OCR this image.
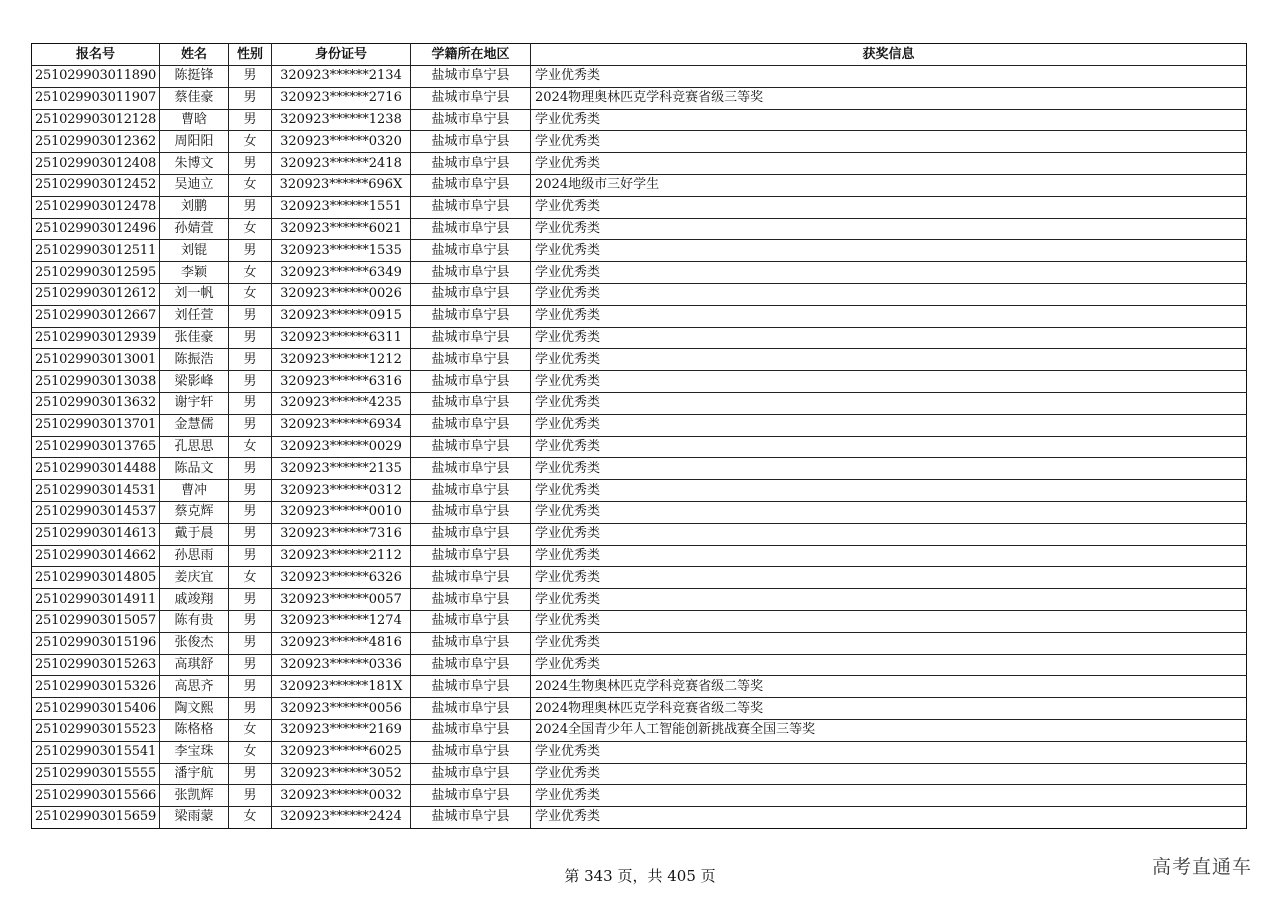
报名号	姓名	性别	身份证号	学籍所在地区	获奖信息
251029903011890	陈挺锋	男	320923******2134	盐城市阜宁县	学业优秀类
251029903011907	蔡佳豪	男	320923******2716	盐城市阜宁县	2024物理奥林匹克学科竞赛省级三等奖
251029903012128	曹晗	男	320923******1238	盐城市阜宁县	学业优秀类
251029903012362	周阳阳	女	320923******0320	盐城市阜宁县	学业优秀类
251029903012408	朱博文	男	320923******2418	盐城市阜宁县	学业优秀类
251029903012452	吴迪立	女	320923******696X	盐城市阜宁县	2024地级市三好学生
251029903012478	刘鹏	男	320923******1551	盐城市阜宁县	学业优秀类
251029903012496	孙婧萱	女	320923******6021	盐城市阜宁县	学业优秀类
251029903012511	刘锟	男	320923******1535	盐城市阜宁县	学业优秀类
251029903012595	李颖	女	320923******6349	盐城市阜宁县	学业优秀类
251029903012612	刘一帆	女	320923******0026	盐城市阜宁县	学业优秀类
251029903012667	刘任萱	男	320923******0915	盐城市阜宁县	学业优秀类
251029903012939	张佳豪	男	320923******6311	盐城市阜宁县	学业优秀类
251029903013001	陈振浩	男	320923******1212	盐城市阜宁县	学业优秀类
251029903013038	梁影峰	男	320923******6316	盐城市阜宁县	学业优秀类
251029903013632	谢宇轩	男	320923******4235	盐城市阜宁县	学业优秀类
251029903013701	金慧儒	男	320923******6934	盐城市阜宁县	学业优秀类
251029903013765	孔思思	女	320923******0029	盐城市阜宁县	学业优秀类
251029903014488	陈品文	男	320923******2135	盐城市阜宁县	学业优秀类
251029903014531	曹冲	男	320923******0312	盐城市阜宁县	学业优秀类
251029903014537	蔡克辉	男	320923******0010	盐城市阜宁县	学业优秀类
251029903014613	戴于晨	男	320923******7316	盐城市阜宁县	学业优秀类
251029903014662	孙思雨	男	320923******2112	盐城市阜宁县	学业优秀类
251029903014805	姜庆宜	女	320923******6326	盐城市阜宁县	学业优秀类
251029903014911	戚竣翔	男	320923******0057	盐城市阜宁县	学业优秀类
251029903015057	陈有贵	男	320923******1274	盐城市阜宁县	学业优秀类
251029903015196	张俊杰	男	320923******4816	盐城市阜宁县	学业优秀类
251029903015263	高琪舒	男	320923******0336	盐城市阜宁县	学业优秀类
251029903015326	高思齐	男	320923******181X	盐城市阜宁县	2024生物奥林匹克学科竞赛省级二等奖
251029903015406	陶文熙	男	320923******0056	盐城市阜宁县	2024物理奥林匹克学科竞赛省级二等奖
251029903015523	陈格格	女	320923******2169	盐城市阜宁县	2024全国青少年人工智能创新挑战赛全国三等奖
251029903015541	李宝珠	女	320923******6025	盐城市阜宁县	学业优秀类
251029903015555	潘宇航	男	320923******3052	盐城市阜宁县	学业优秀类
251029903015566	张凯辉	男	320923******0032	盐城市阜宁县	学业优秀类
251029903015659	梁雨蒙	女	320923******2424	盐城市阜宁县	学业优秀类
第 343 页，共 405 页	高考直通车
